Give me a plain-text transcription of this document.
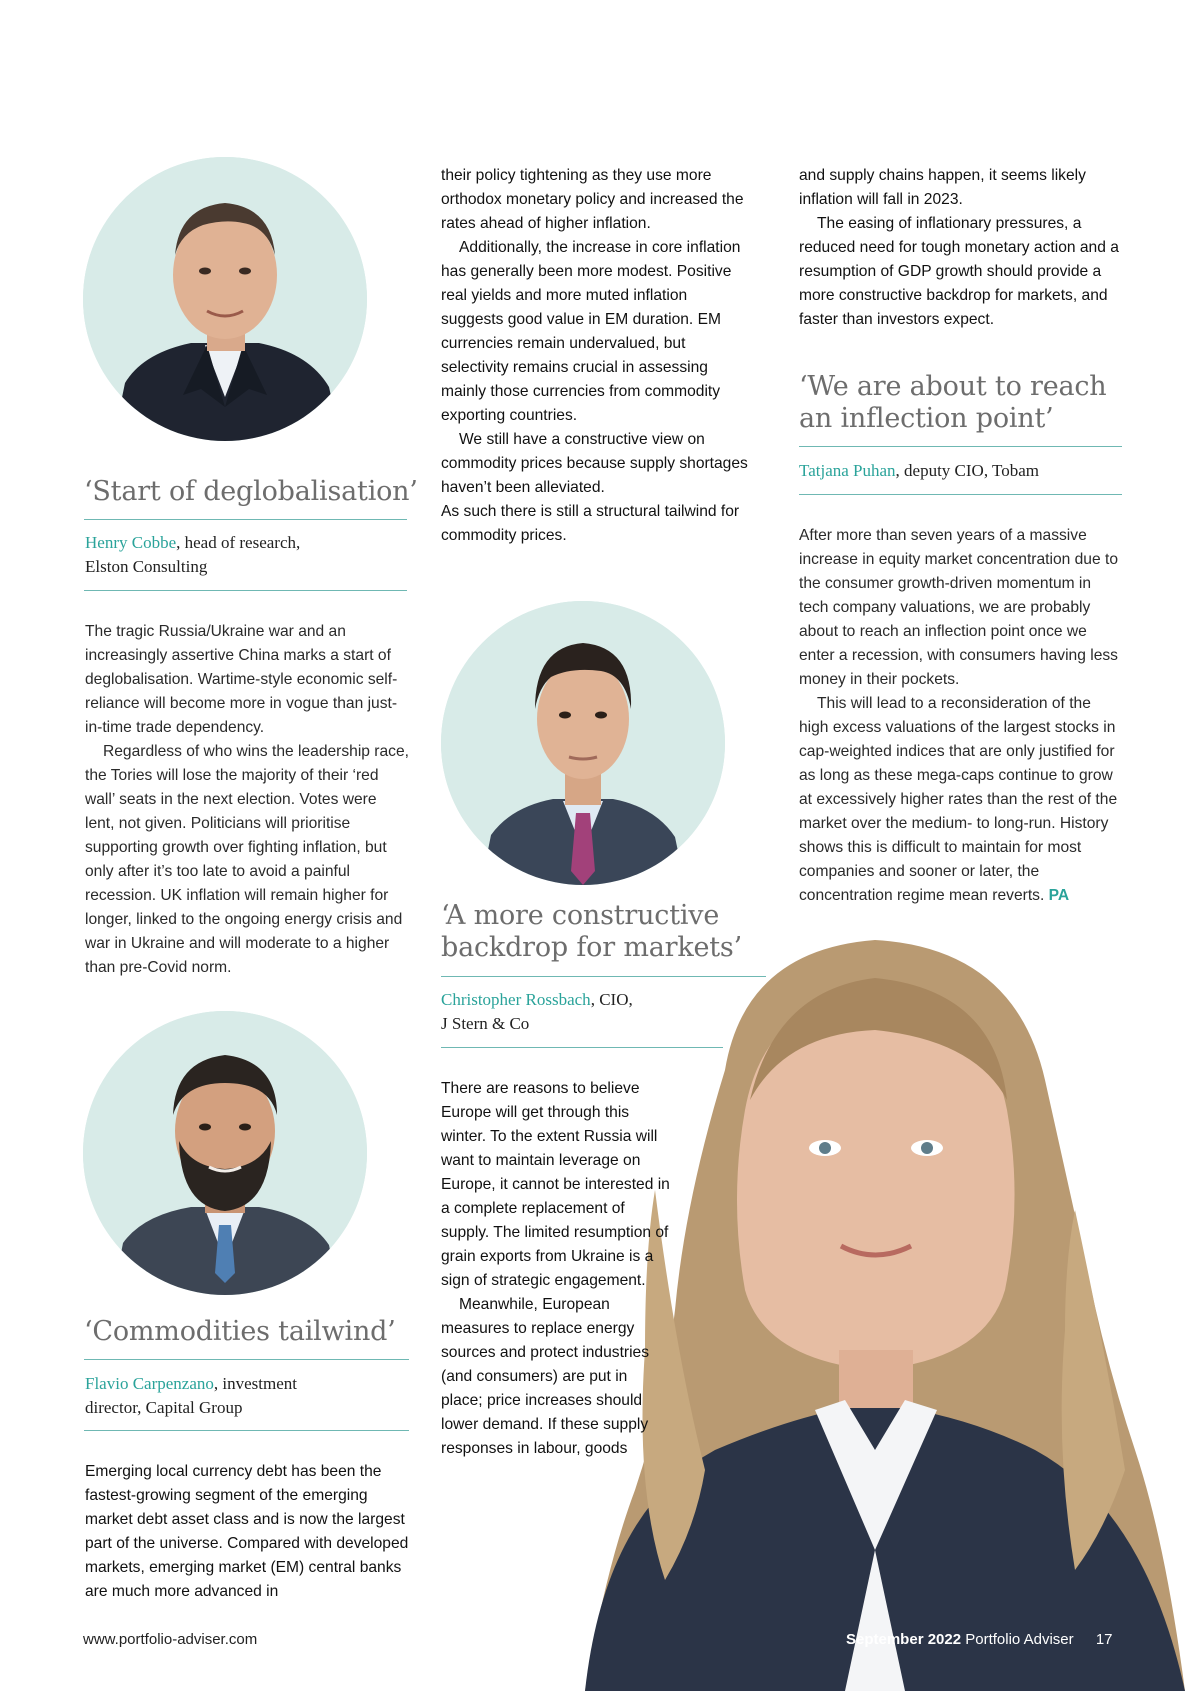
‘Start of deglobalisation’
Henry Cobbe, head of research,
Elston Consulting

The tragic Russia/Ukraine war and an increasingly assertive China marks a start of deglobalisation. Wartime-style economic self-reliance will become more in vogue than just-in-time trade dependency.

Regardless of who wins the leadership race, the Tories will lose the majority of their ‘red wall’ seats in the next election. Votes were lent, not given. Politicians will prioritise supporting growth over fighting inflation, but only after it’s too late to avoid a painful recession. UK inflation will remain higher for longer, linked to the ongoing energy crisis and war in Ukraine and will moderate to a higher than pre-Covid norm.

‘Commodities tailwind’
Flavio Carpenzano, investment
director, Capital Group

Emerging local currency debt has been the fastest-growing segment of the emerging market debt asset class and is now the largest part of the universe. Compared with developed markets, emerging market (EM) central banks are much more advanced in

their policy tightening as they use more orthodox monetary policy and increased the rates ahead of higher inflation.

Additionally, the increase in core inflation has generally been more modest. Positive real yields and more muted inflation suggests good value in EM duration. EM currencies remain undervalued, but selectivity remains crucial in assessing mainly those currencies from commodity exporting countries.

We still have a constructive view on commodity prices because supply shortages haven’t been alleviated.

As such there is still a structural tailwind for commodity prices.

‘A more constructive
backdrop for markets’
Christopher Rossbach, CIO,
J Stern & Co

and supply chains happen, it seems likely inflation will fall in 2023.

The easing of inflationary pressures, a reduced need for tough monetary action and a resumption of GDP growth should provide a more constructive backdrop for markets, and faster than investors expect.

‘We are about to reach
an inflection point’
Tatjana Puhan, deputy CIO, Tobam

After more than seven years of a massive increase in equity market concentration due to the consumer growth-driven momentum in tech company valuations, we are probably about to reach an inflection point once we enter a recession, with consumers having less money in their pockets.

This will lead to a reconsideration of the high excess valuations of the largest stocks in cap-weighted indices that are only justified for as long as these mega-caps continue to grow at excessively higher rates than the rest of the market over the medium- to long-run. History shows this is difficult to maintain for most companies and sooner or later, the concentration regime mean reverts. PA

There are reasons to believe Europe will get through this winter. To the extent Russia will want to maintain leverage on Europe, it cannot be interested in a complete replacement of supply. The limited resumption of grain exports from Ukraine is a sign of strategic engagement.

Meanwhile, European measures to replace energy sources and protect industries (and consumers) are put in place; price increases should lower demand. If these supply responses in labour, goods

www.portfolio-adviser.com	September 2022 Portfolio Adviser 17
